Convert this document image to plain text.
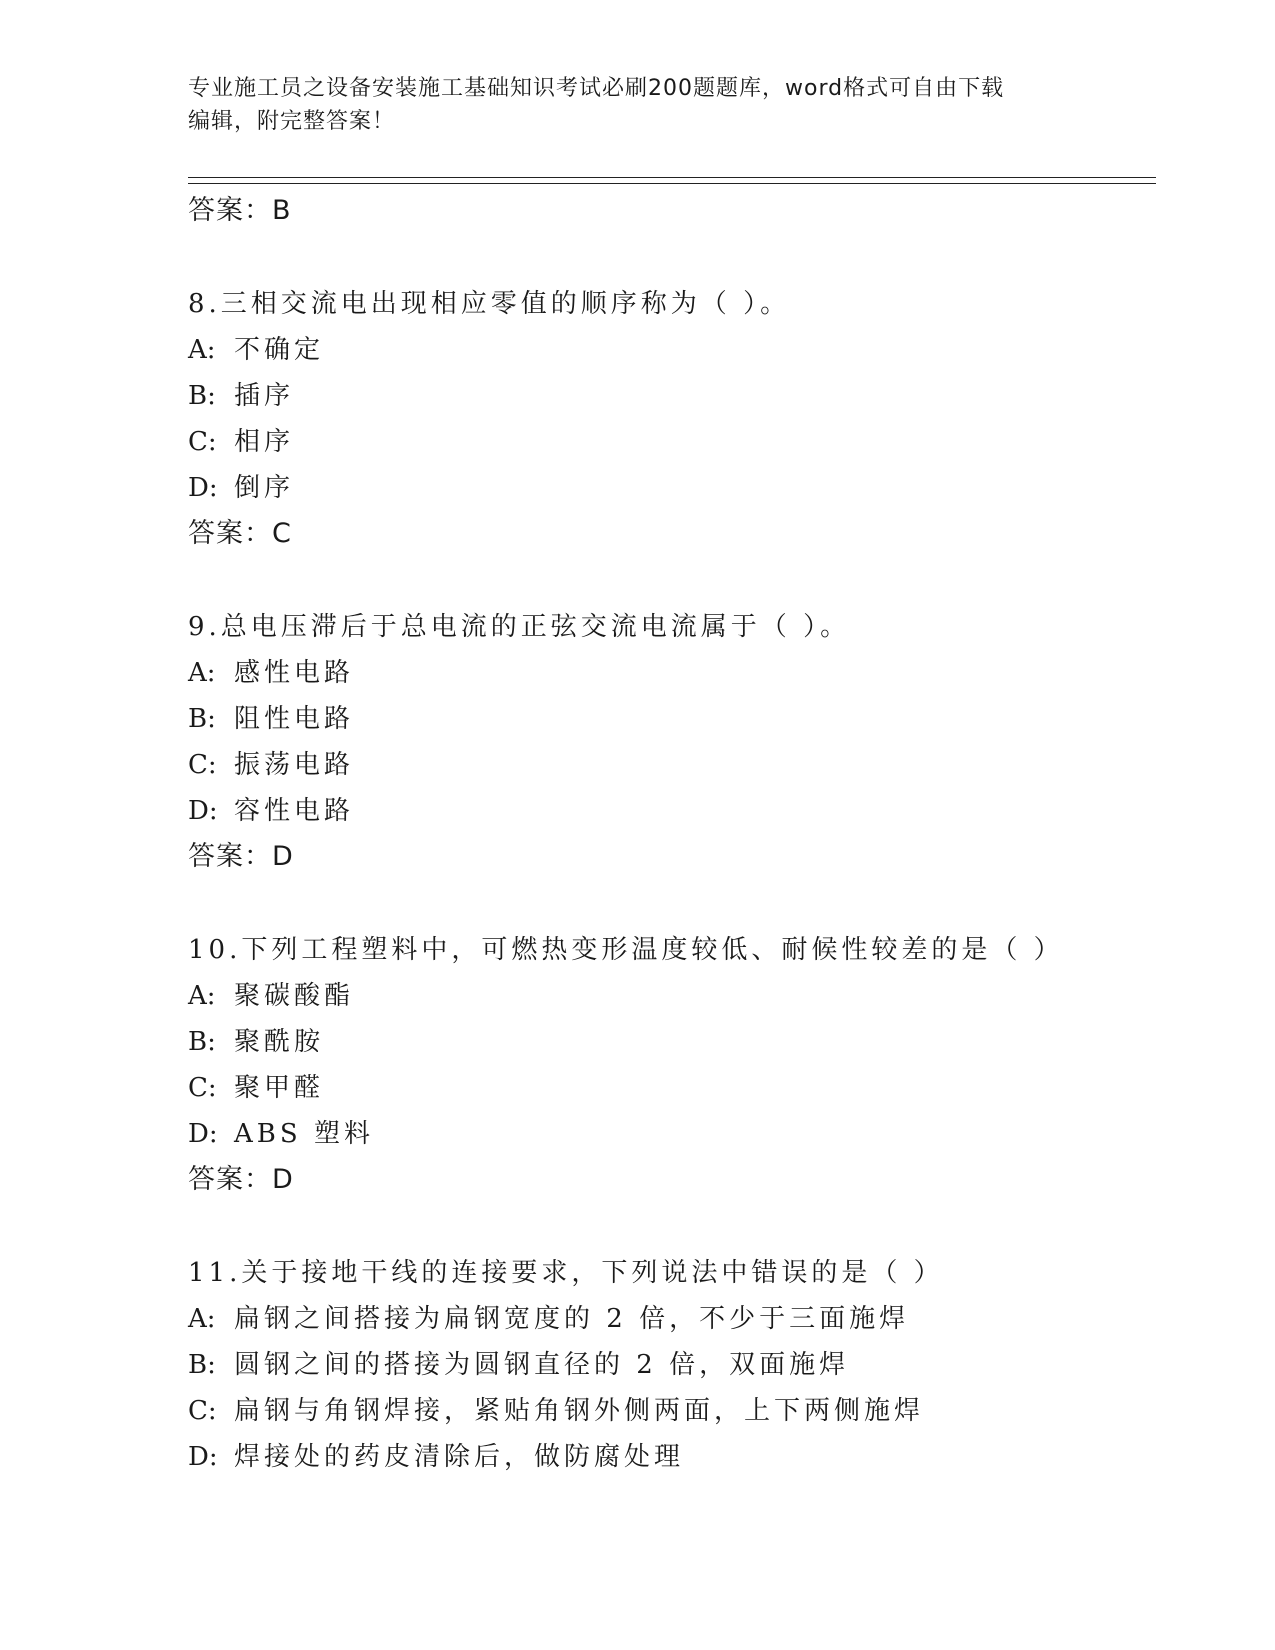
专业施工员之设备安装施工基础知识考试必刷200题题库，word格式可自由下载
编辑，附完整答案！
答案：B
8.三相交流电出现相应零值的顺序称为（ ）。
A: 不确定
B: 插序
C: 相序
D: 倒序
答案：C
9.总电压滞后于总电流的正弦交流电流属于（ ）。
A: 感性电路
B: 阻性电路
C: 振荡电路
D: 容性电路
答案：D
10.下列工程塑料中，可燃热变形温度较低、耐候性较差的是（ ）
A: 聚碳酸酯
B: 聚酰胺
C: 聚甲醛
D: ABS 塑料
答案：D
11.关于接地干线的连接要求，下列说法中错误的是（ ）
A: 扁钢之间搭接为扁钢宽度的 2 倍，不少于三面施焊
B: 圆钢之间的搭接为圆钢直径的 2 倍，双面施焊
C: 扁钢与角钢焊接，紧贴角钢外侧两面，上下两侧施焊
D: 焊接处的药皮清除后，做防腐处理
